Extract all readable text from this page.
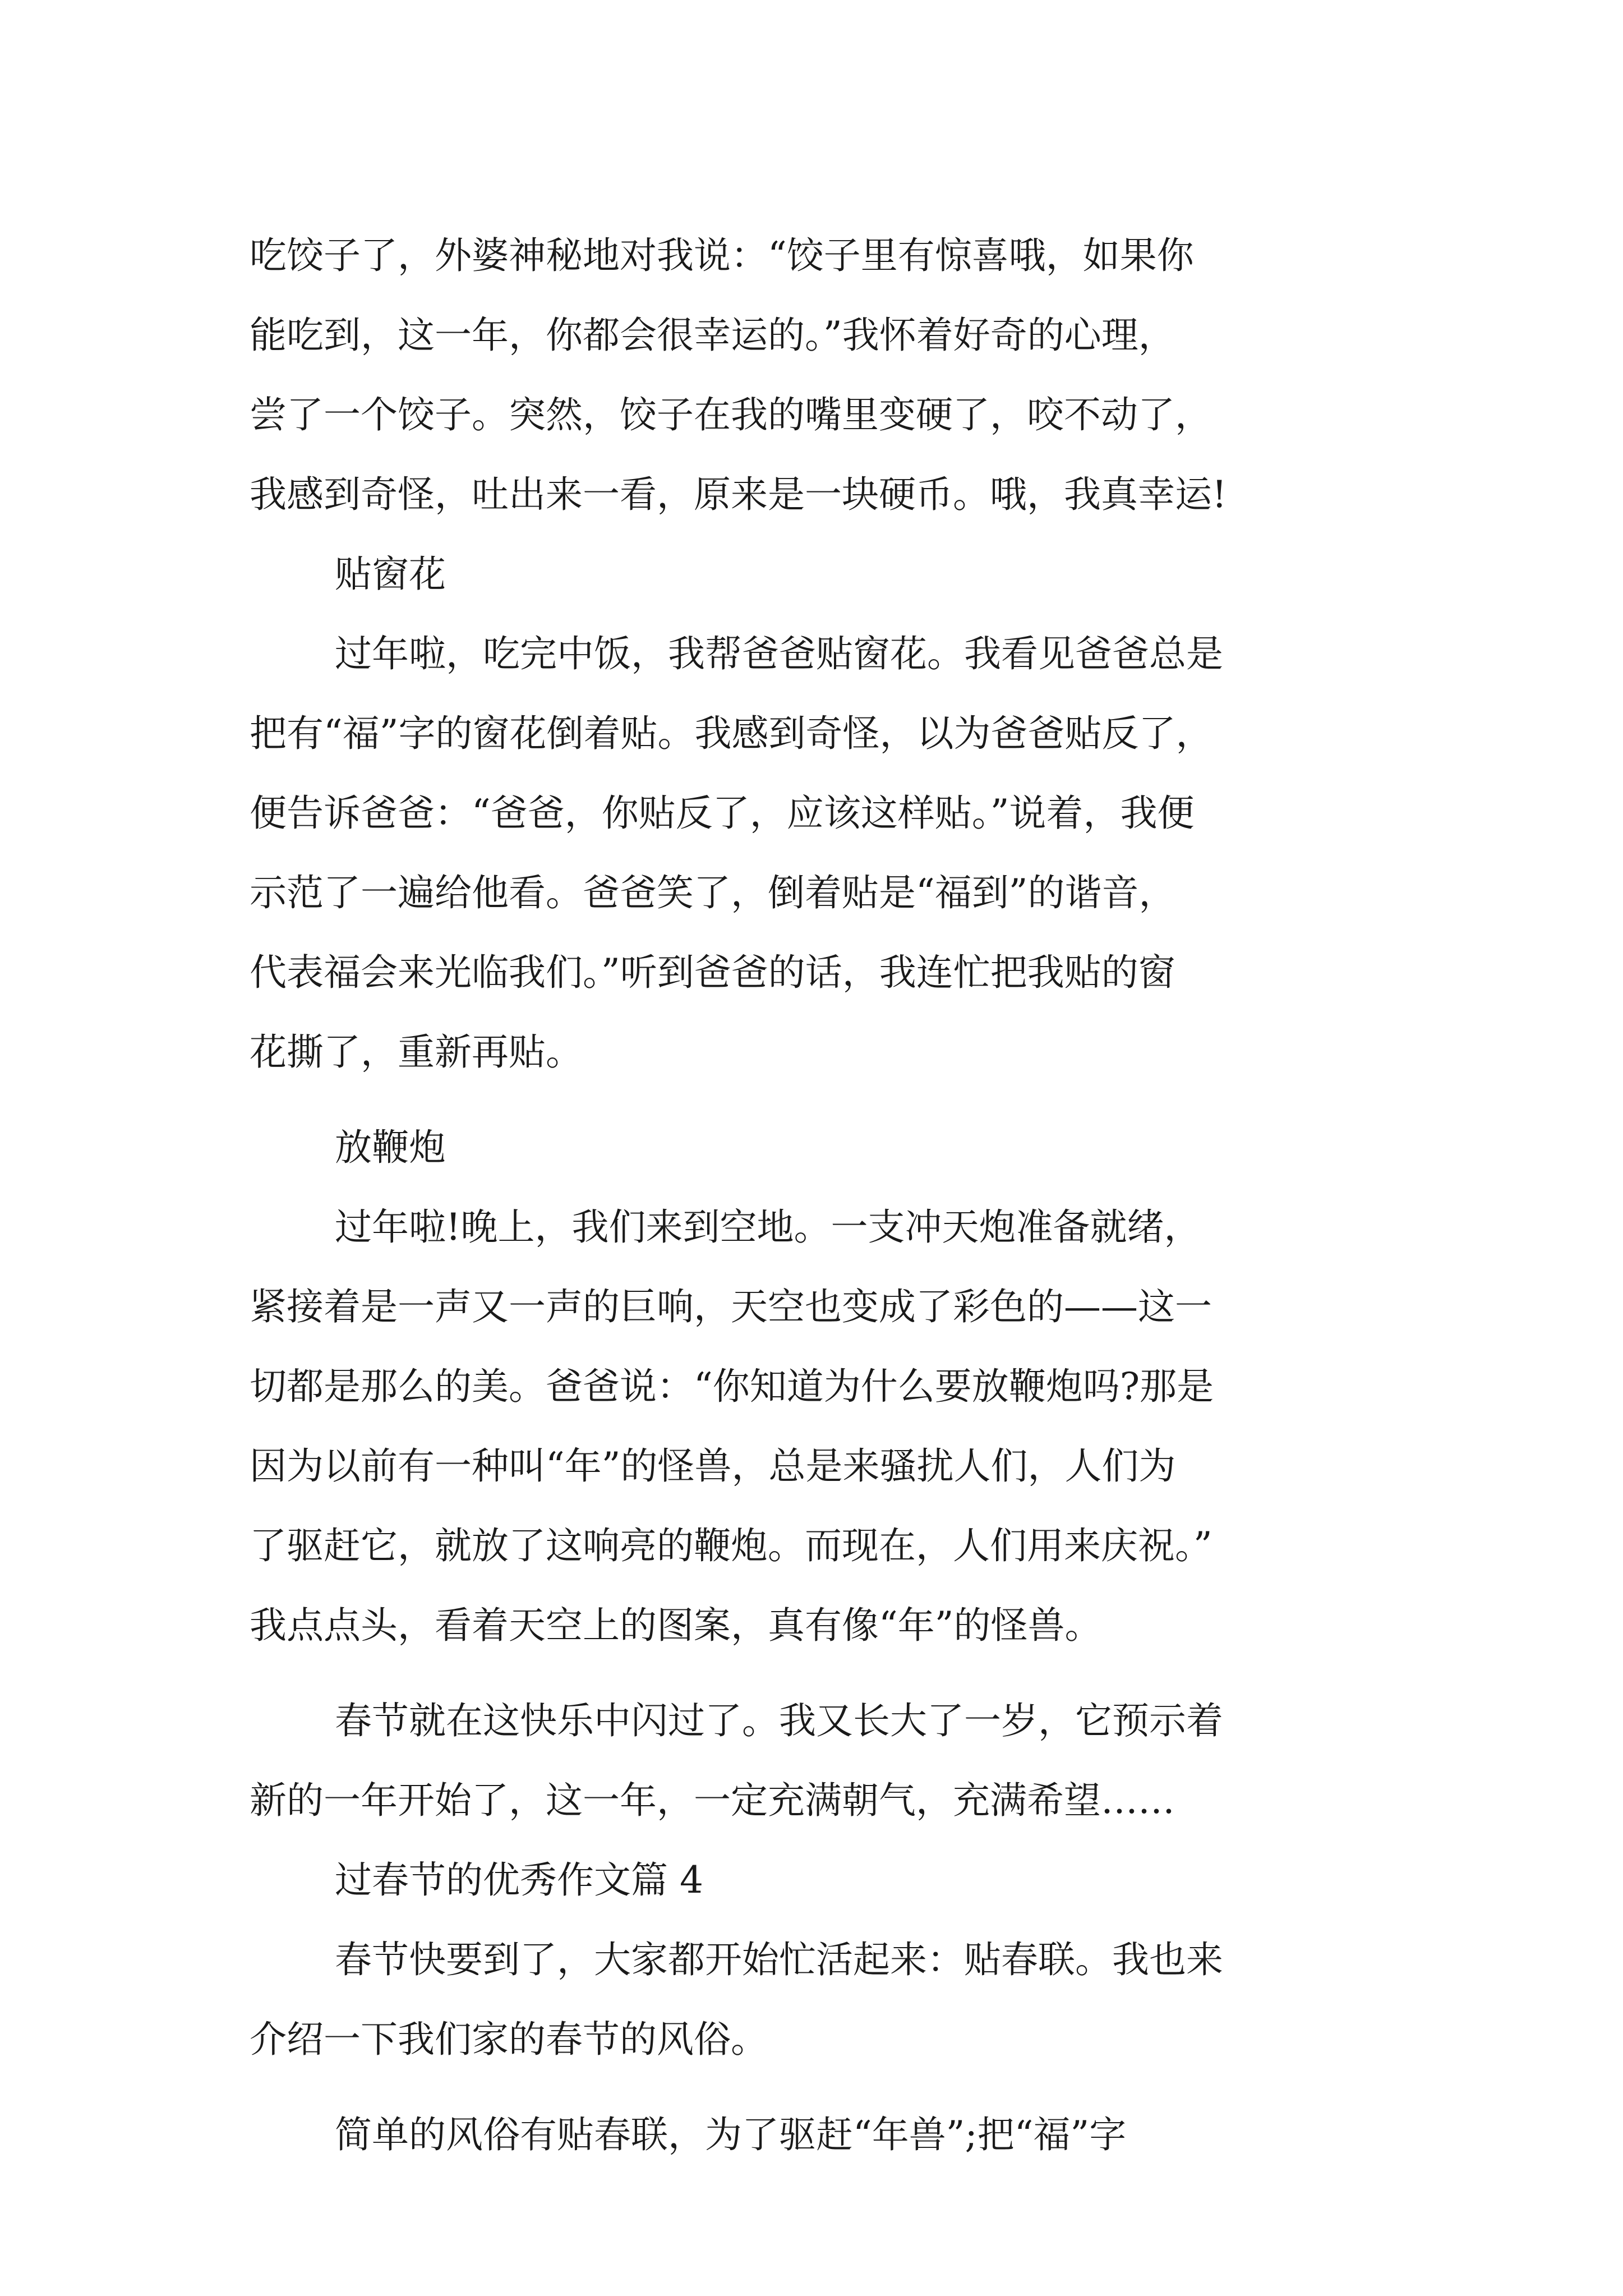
吃饺子了，外婆神秘地对我说：“饺子里有惊喜哦，如果你
能吃到，这一年，你都会很幸运的。”我怀着好奇的心理，
尝了一个饺子。突然，饺子在我的嘴里变硬了，咬不动了，
我感到奇怪，吐出来一看，原来是一块硬币。哦，我真幸运!
贴窗花
过年啦，吃完中饭，我帮爸爸贴窗花。我看见爸爸总是
把有“福”字的窗花倒着贴。我感到奇怪，以为爸爸贴反了，
便告诉爸爸：“爸爸，你贴反了，应该这样贴。”说着，我便
示范了一遍给他看。爸爸笑了，倒着贴是“福到”的谐音，
代表福会来光临我们。”听到爸爸的话，我连忙把我贴的窗
花撕了，重新再贴。
放鞭炮
过年啦!晚上，我们来到空地。一支冲天炮准备就绪，
紧接着是一声又一声的巨响，天空也变成了彩色的——这一
切都是那么的美。爸爸说：“你知道为什么要放鞭炮吗?那是
因为以前有一种叫“年”的怪兽，总是来骚扰人们，人们为
了驱赶它，就放了这响亮的鞭炮。而现在，人们用来庆祝。”
我点点头，看着天空上的图案，真有像“年”的怪兽。
春节就在这快乐中闪过了。我又长大了一岁，它预示着
新的一年开始了，这一年，一定充满朝气，充满希望……
过春节的优秀作文篇 4
春节快要到了，大家都开始忙活起来：贴春联。我也来
介绍一下我们家的春节的风俗。
简单的风俗有贴春联，为了驱赶“年兽”;把“福”字
